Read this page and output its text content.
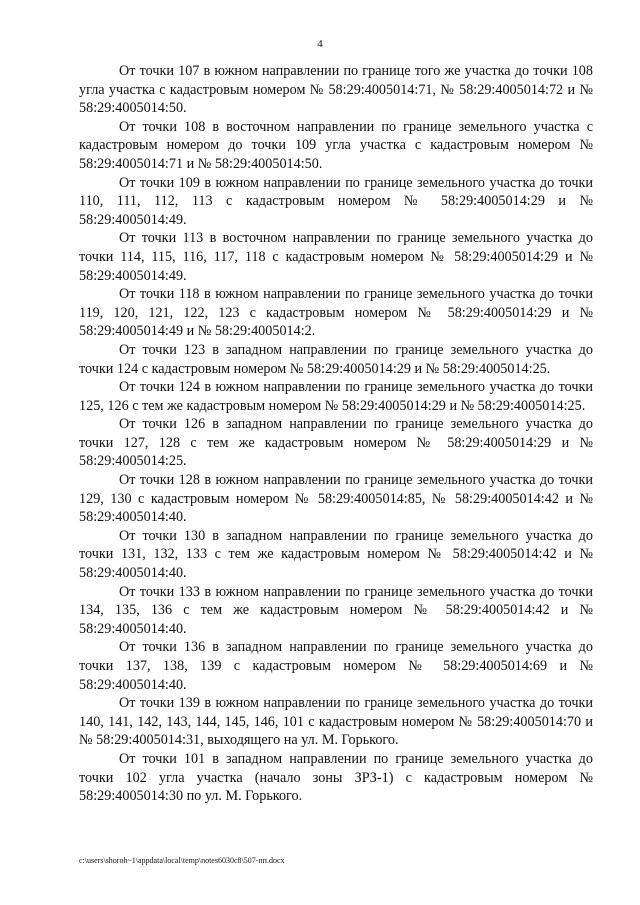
4

От точки 107 в южном направлении по границе того же участка до точки 108 угла участка с кадастровым номером № 58:29:4005014:71, № 58:29:4005014:72 и № 58:29:4005014:50.

От точки 108 в восточном направлении по границе земельного участка с кадастровым номером до точки 109 угла участка с кадастровым номером № 58:29:4005014:71 и № 58:29:4005014:50.

От точки 109 в южном направлении по границе земельного участка до точки 110, 111, 112, 113 с кадастровым номером № 58:29:4005014:29 и № 58:29:4005014:49.

От точки 113 в восточном направлении по границе земельного участка до точки 114, 115, 116, 117, 118 с кадастровым номером № 58:29:4005014:29 и № 58:29:4005014:49.

От точки 118 в южном направлении по границе земельного участка до точки 119, 120, 121, 122, 123 с кадастровым номером № 58:29:4005014:29 и № 58:29:4005014:49 и № 58:29:4005014:2.

От точки 123 в западном направлении по границе земельного участка до точки 124 с кадастровым номером № 58:29:4005014:29 и № 58:29:4005014:25.

От точки 124 в южном направлении по границе земельного участка до точки 125, 126 с тем же кадастровым номером № 58:29:4005014:29 и № 58:29:4005014:25.

От точки 126 в западном направлении по границе земельного участка до точки 127, 128 с тем же кадастровым номером № 58:29:4005014:29 и № 58:29:4005014:25.

От точки 128 в южном направлении по границе земельного участка до точки 129, 130 с кадастровым номером № 58:29:4005014:85, № 58:29:4005014:42 и № 58:29:4005014:40.

От точки 130 в западном направлении по границе земельного участка до точки 131, 132, 133 с тем же кадастровым номером № 58:29:4005014:42 и № 58:29:4005014:40.

От точки 133 в южном направлении по границе земельного участка до точки 134, 135, 136 с тем же кадастровым номером № 58:29:4005014:42 и № 58:29:4005014:40.

От точки 136 в западном направлении по границе земельного участка до точки 137, 138, 139 с кадастровым номером № 58:29:4005014:69 и № 58:29:4005014:40.

От точки 139 в южном направлении по границе земельного участка до точки 140, 141, 142, 143, 144, 145, 146, 101 с кадастровым номером № 58:29:4005014:70 и № 58:29:4005014:31, выходящего на ул. М. Горького.

От точки 101 в западном направлении по границе земельного участка до точки 102 угла участка (начало зоны ЗРЗ-1) с кадастровым номером № 58:29:4005014:30 по ул. М. Горького.

c:\users\shoroh~1\appdata\local\temp\notes6030c8\507-пп.docx
